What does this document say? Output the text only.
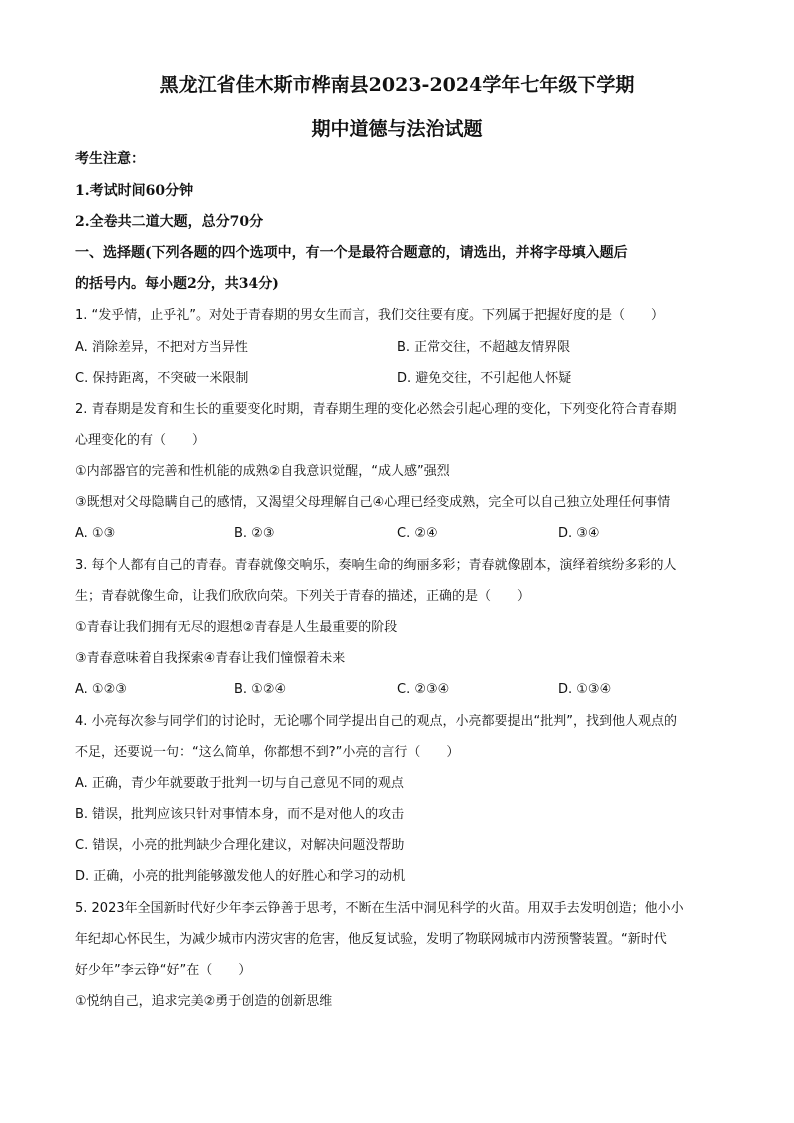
黑龙江省佳木斯市桦南县2023-2024学年七年级下学期
期中道德与法治试题
考生注意：
1.考试时间60分钟
2.全卷共二道大题，总分70分
一、选择题(下列各题的四个选项中，有一个是最符合题意的，请选出，并将字母填入题后
的括号内。每小题2分，共34分)
1. “发乎情，止乎礼”。对处于青春期的男女生而言，我们交往要有度。下列属于把握好度的是（　　）
A. 消除差异，不把对方当异性	B. 正常交往，不超越友情界限
C. 保持距离，不突破一米限制	D. 避免交往，不引起他人怀疑
2. 青春期是发育和生长的重要变化时期，青春期生理的变化必然会引起心理的变化，下列变化符合青春期
心理变化的有（　　）
①内部器官的完善和性机能的成熟②自我意识觉醒，“成人感”强烈
③既想对父母隐瞒自己的感情，又渴望父母理解自己④心理已经变成熟，完全可以自己独立处理任何事情
A. ①③	B. ②③	C. ②④	D. ③④
3. 每个人都有自己的青春。青春就像交响乐，奏响生命的绚丽多彩；青春就像剧本，演绎着缤纷多彩的人
生；青春就像生命，让我们欣欣向荣。下列关于青春的描述，正确的是（　　）
①青春让我们拥有无尽的遐想②青春是人生最重要的阶段
③青春意味着自我探索④青春让我们憧憬着未来
A. ①②③	B. ①②④	C. ②③④	D. ①③④
4. 小亮每次参与同学们的讨论时，无论哪个同学提出自己的观点，小亮都要提出“批判”，找到他人观点的
不足，还要说一句：“这么简单，你都想不到?”小亮的言行（　　）
A. 正确，青少年就要敢于批判一切与自己意见不同的观点
B. 错误，批判应该只针对事情本身，而不是对他人的攻击
C. 错误，小亮的批判缺少合理化建议，对解决问题没帮助
D. 正确，小亮的批判能够激发他人的好胜心和学习的动机
5. 2023年全国新时代好少年李云铮善于思考，不断在生活中洞见科学的火苗。用双手去发明创造；他小小
年纪却心怀民生，为减少城市内涝灾害的危害，他反复试验，发明了物联网城市内涝预警装置。“新时代
好少年”李云铮“好”在（　　）
①悦纳自己，追求完美②勇于创造的创新思维
